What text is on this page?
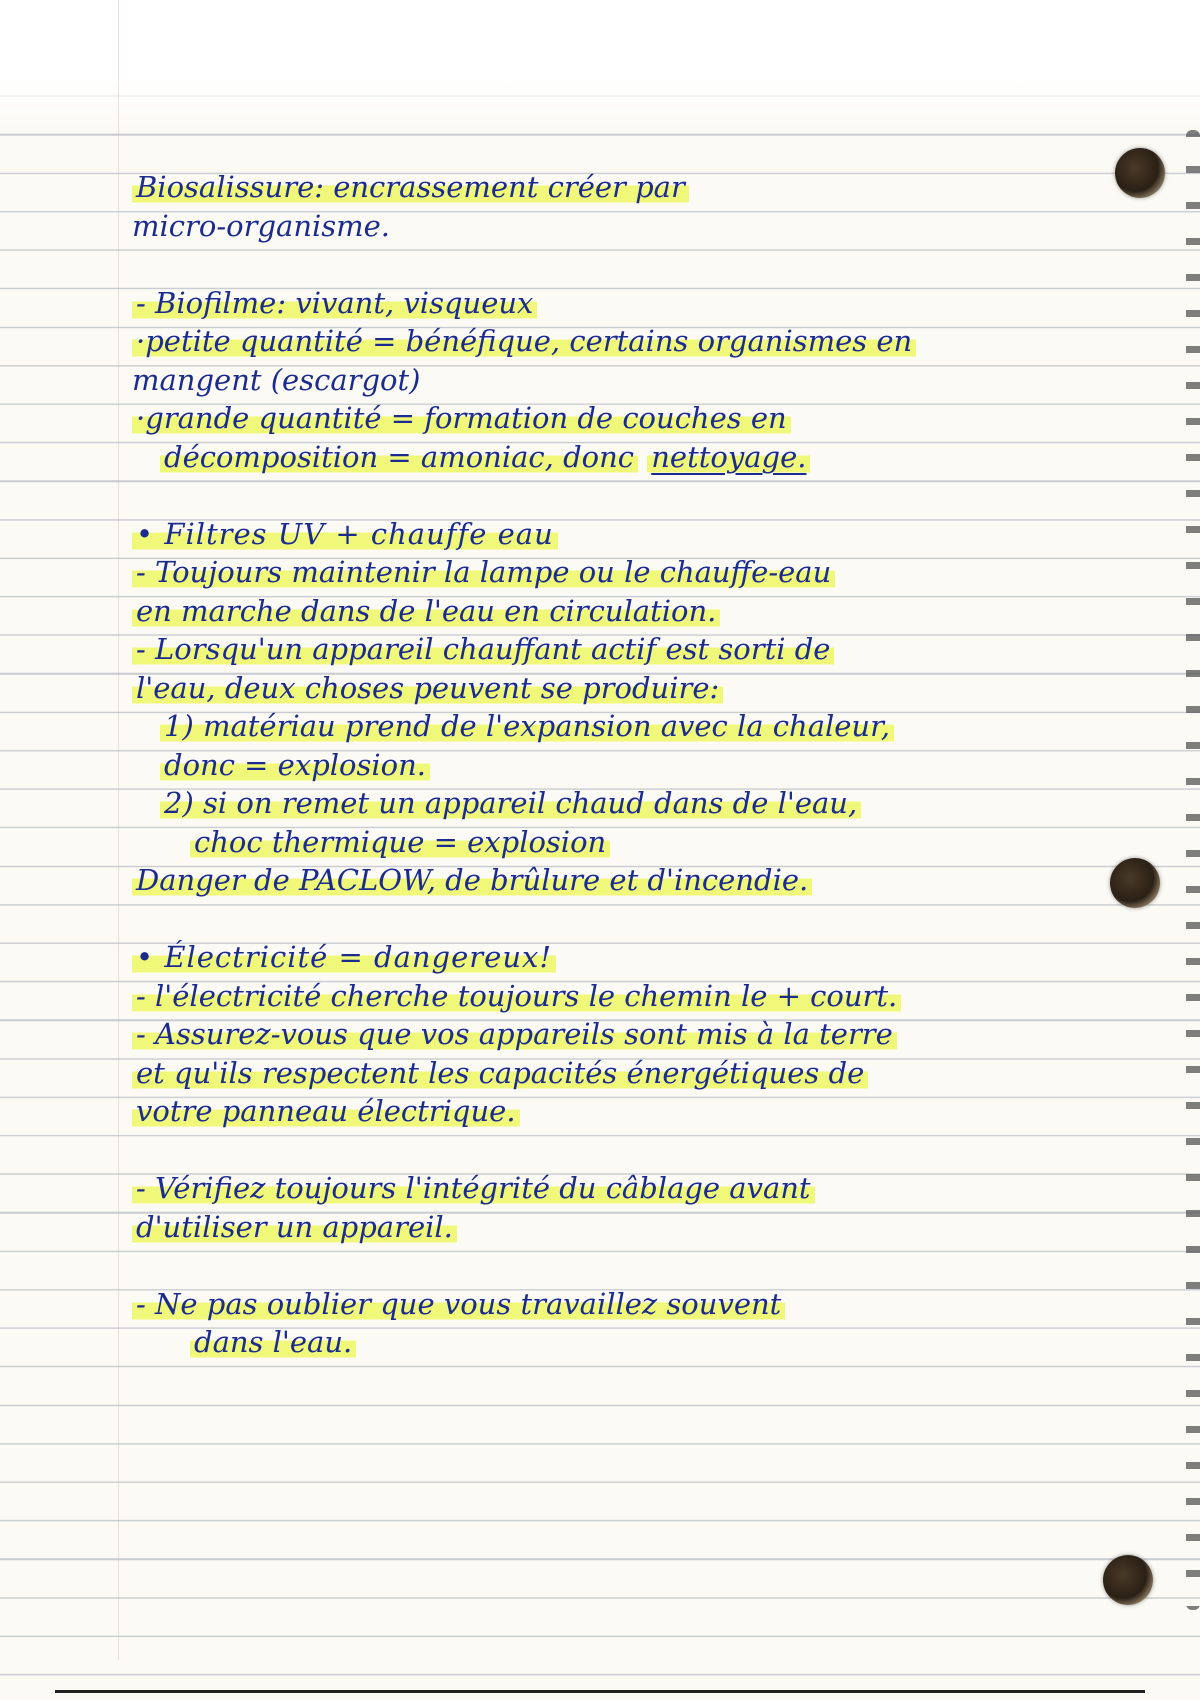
Biosalissure: encrassement créer par
micro-organisme.
- Biofilme: vivant, visqueux
·petite quantité = bénéfique, certains organismes en
mangent (escargot)
·grande quantité = formation de couches en
décomposition = amoniac, donc nettoyage.
• Filtres UV + chauffe eau
- Toujours maintenir la lampe ou le chauffe-eau
en marche dans de l'eau en circulation.
- Lorsqu'un appareil chauffant actif est sorti de
l'eau, deux choses peuvent se produire:
1) matériau prend de l'expansion avec la chaleur,
donc = explosion.
2) si on remet un appareil chaud dans de l'eau,
choc thermique = explosion
Danger de PACLOW, de brûlure et d'incendie.
• Électricité = dangereux!
- l'électricité cherche toujours le chemin le + court.
- Assurez-vous que vos appareils sont mis à la terre
et qu'ils respectent les capacités énergétiques de
votre panneau électrique.
- Vérifiez toujours l'intégrité du câblage avant
d'utiliser un appareil.
- Ne pas oublier que vous travaillez souvent
dans l'eau.
